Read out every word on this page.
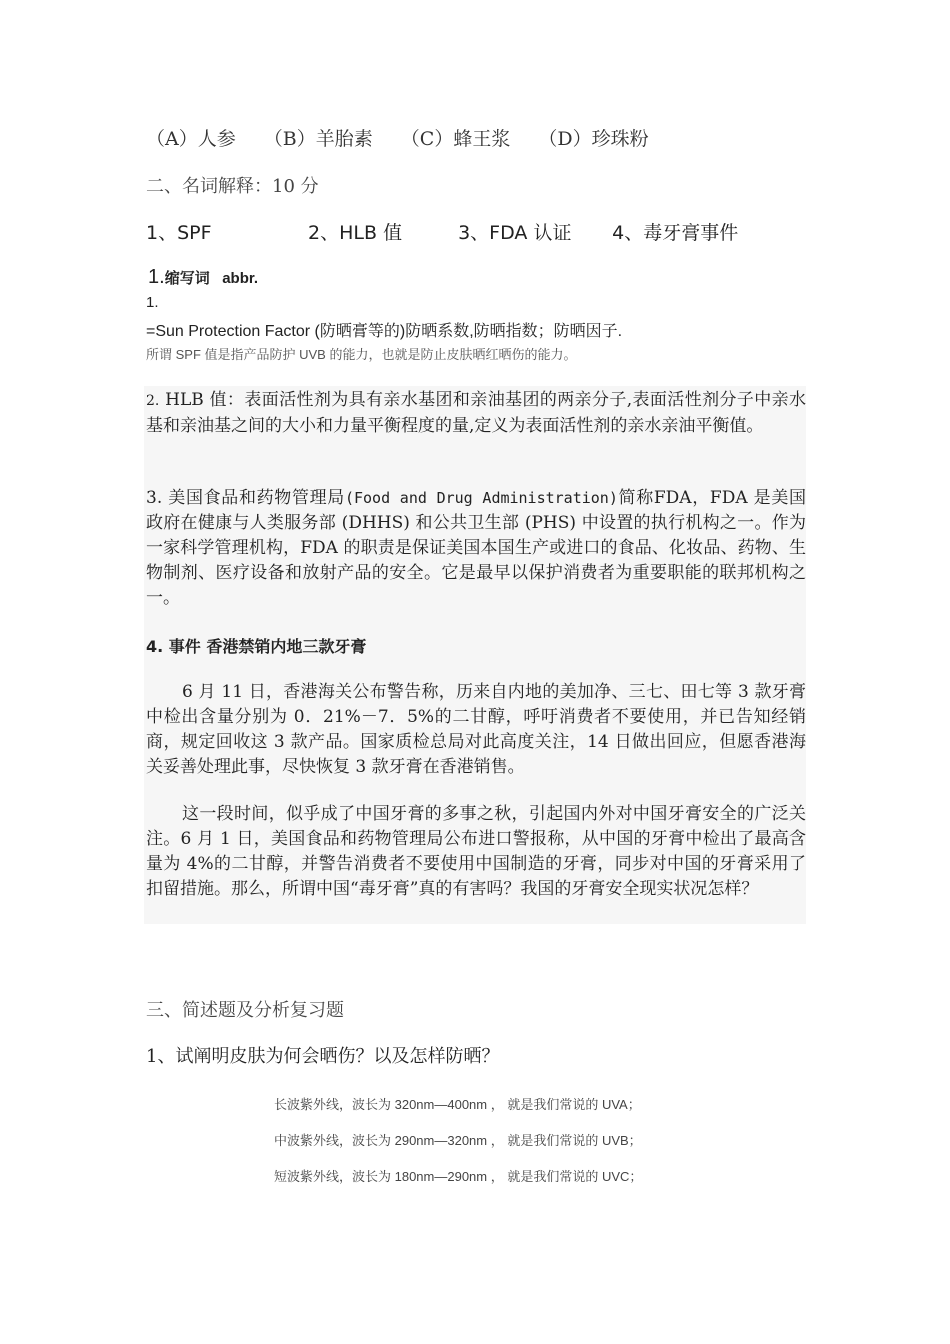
（A）人参 （B）羊胎素 （C）蜂王浆 （D）珍珠粉
二、名词解释：10 分
1、SPF	2、HLB 值	3、FDA 认证 4、毒牙膏事件
1.缩写词 abbr.
1.
=Sun Protection Factor (防晒膏等的)防晒系数,防晒指数；防晒因子.
所谓 SPF 值是指产品防护 UVB 的能力，也就是防止皮肤晒红晒伤的能力。
2. HLB 值：表面活性剂为具有亲水基团和亲油基团的两亲分子,表面活性剂分子中亲水基和亲油基之间的大小和力量平衡程度的量,定义为表面活性剂的亲水亲油平衡值。
3. 美国食品和药物管理局(Food and Drug Administration)简称FDA，FDA 是美国政府在健康与人类服务部 (DHHS) 和公共卫生部 (PHS) 中设置的执行机构之一。作为一家科学管理机构，FDA 的职责是保证美国本国生产或进口的食品、化妆品、药物、生物制剂、医疗设备和放射产品的安全。它是最早以保护消费者为重要职能的联邦机构之一。
4. 事件 香港禁销内地三款牙膏
6 月 11 日，香港海关公布警告称，历来自内地的美加净、三七、田七等 3 款牙膏中检出含量分别为 0．21%－7．5%的二甘醇，呼吁消费者不要使用，并已告知经销商，规定回收这 3 款产品。国家质检总局对此高度关注，14 日做出回应，但愿香港海关妥善处理此事，尽快恢复 3 款牙膏在香港销售。
这一段时间，似乎成了中国牙膏的多事之秋，引起国内外对中国牙膏安全的广泛关注。6 月 1 日，美国食品和药物管理局公布进口警报称，从中国的牙膏中检出了最高含量为 4%的二甘醇，并警告消费者不要使用中国制造的牙膏，同步对中国的牙膏采用了扣留措施。那么，所谓中国“毒牙膏”真的有害吗？我国的牙膏安全现实状况怎样？
三、简述题及分析复习题
1、试阐明皮肤为何会晒伤？以及怎样防晒？
长波紫外线，波长为 320nm—400nm ， 就是我们常说的 UVA；
中波紫外线，波长为 290nm—320nm ， 就是我们常说的 UVB；
短波紫外线，波长为 180nm—290nm ， 就是我们常说的 UVC；
